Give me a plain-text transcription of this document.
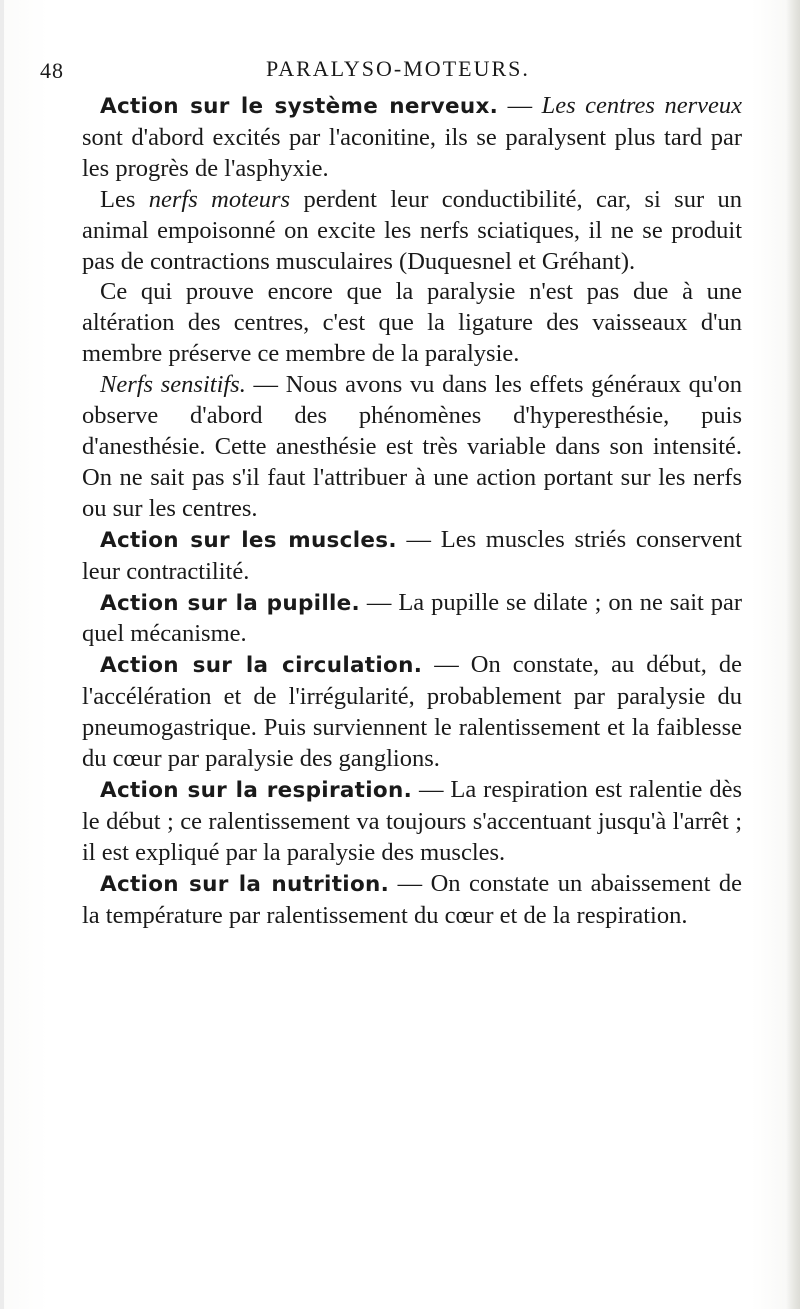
48	PARALYSO-MOTEURS.

Action sur le système nerveux. — Les centres nerveux sont d'abord excités par l'aconitine, ils se paralysent plus tard par les progrès de l'asphyxie.

Les nerfs moteurs perdent leur conductibilité, car, si sur un animal empoisonné on excite les nerfs sciatiques, il ne se produit pas de contractions musculaires (Duquesnel et Gréhant).

Ce qui prouve encore que la paralysie n'est pas due à une altération des centres, c'est que la ligature des vaisseaux d'un membre préserve ce membre de la paralysie.

Nerfs sensitifs. — Nous avons vu dans les effets généraux qu'on observe d'abord des phénomènes d'hyperesthésie, puis d'anesthésie. Cette anesthésie est très variable dans son intensité. On ne sait pas s'il faut l'attribuer à une action portant sur les nerfs ou sur les centres.

Action sur les muscles. — Les muscles striés conservent leur contractilité.

Action sur la pupille. — La pupille se dilate ; on ne sait par quel mécanisme.

Action sur la circulation. — On constate, au début, de l'accélération et de l'irrégularité, probablement par paralysie du pneumogastrique. Puis surviennent le ralentissement et la faiblesse du cœur par paralysie des ganglions.

Action sur la respiration. — La respiration est ralentie dès le début ; ce ralentissement va toujours s'accentuant jusqu'à l'arrêt ; il est expliqué par la paralysie des muscles.

Action sur la nutrition. — On constate un abaissement de la température par ralentissement du cœur et de la respiration.
